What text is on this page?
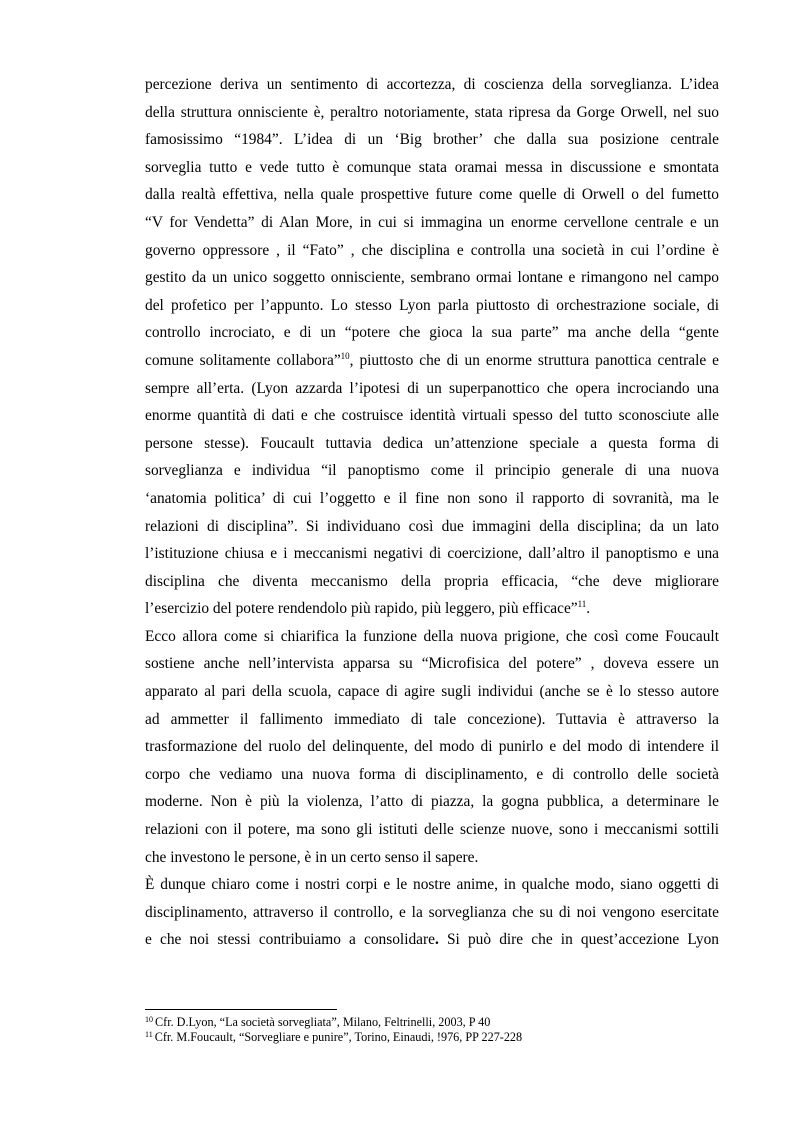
percezione deriva un sentimento di accortezza, di coscienza della sorveglianza. L’idea
della struttura onnisciente è, peraltro notoriamente, stata ripresa da Gorge Orwell, nel suo
famosissimo “1984”. L’idea di un ‘Big brother’ che dalla sua posizione centrale
sorveglia tutto e vede tutto è comunque stata oramai messa in discussione e smontata
dalla realtà effettiva, nella quale prospettive future come quelle di Orwell o del fumetto
“V for Vendetta” di Alan More, in cui si immagina un enorme cervellone centrale e un
governo oppressore , il “Fato” , che disciplina e controlla una società in cui l’ordine è
gestito da un unico soggetto onnisciente, sembrano ormai lontane e rimangono nel campo
del profetico per l’appunto. Lo stesso Lyon parla piuttosto di orchestrazione sociale, di
controllo incrociato, e di un “potere che gioca la sua parte” ma anche della “gente
comune solitamente collabora”$^{10}$, piuttosto che di un enorme struttura panottica centrale e
sempre all’erta. (Lyon azzarda l’ipotesi di un superpanottico che opera incrociando una
enorme quantità di dati e che costruisce identità virtuali spesso del tutto sconosciute alle
persone stesse). Foucault tuttavia dedica un’attenzione speciale a questa forma di
sorveglianza e individua “il panoptismo come il principio generale di una nuova
‘anatomia politica’ di cui l’oggetto e il fine non sono il rapporto di sovranità, ma le
relazioni di disciplina”. Si individuano così due immagini della disciplina; da un lato
l’istituzione chiusa e i meccanismi negativi di coercizione, dall’altro il panoptismo e una
disciplina che diventa meccanismo della propria efficacia, “che deve migliorare
l’esercizio del potere rendendolo più rapido, più leggero, più efficace”$^{11}$.
Ecco allora come si chiarifica la funzione della nuova prigione, che così come Foucault
sostiene anche nell’intervista apparsa su “Microfisica del potere” , doveva essere un
apparato al pari della scuola, capace di agire sugli individui (anche se è lo stesso autore
ad ammetter il fallimento immediato di tale concezione). Tuttavia è attraverso la
trasformazione del ruolo del delinquente, del modo di punirlo e del modo di intendere il
corpo che vediamo una nuova forma di disciplinamento, e di controllo delle società
moderne. Non è più la violenza, l’atto di piazza, la gogna pubblica, a determinare le
relazioni con il potere, ma sono gli istituti delle scienze nuove, sono i meccanismi sottili
che investono le persone, è in un certo senso il sapere.
È dunque chiaro come i nostri corpi e le nostre anime, in qualche modo, siano oggetti di
disciplinamento, attraverso il controllo, e la sorveglianza che su di noi vengono esercitate
e che noi stessi contribuiamo a consolidare. Si può dire che in quest’accezione Lyon
$^{10}$ Cfr. D.Lyon, “La società sorvegliata”, Milano, Feltrinelli, 2003, P 40
$^{11}$ Cfr. M.Foucault, “Sorvegliare e punire”, Torino, Einaudi, !976, PP 227-228
